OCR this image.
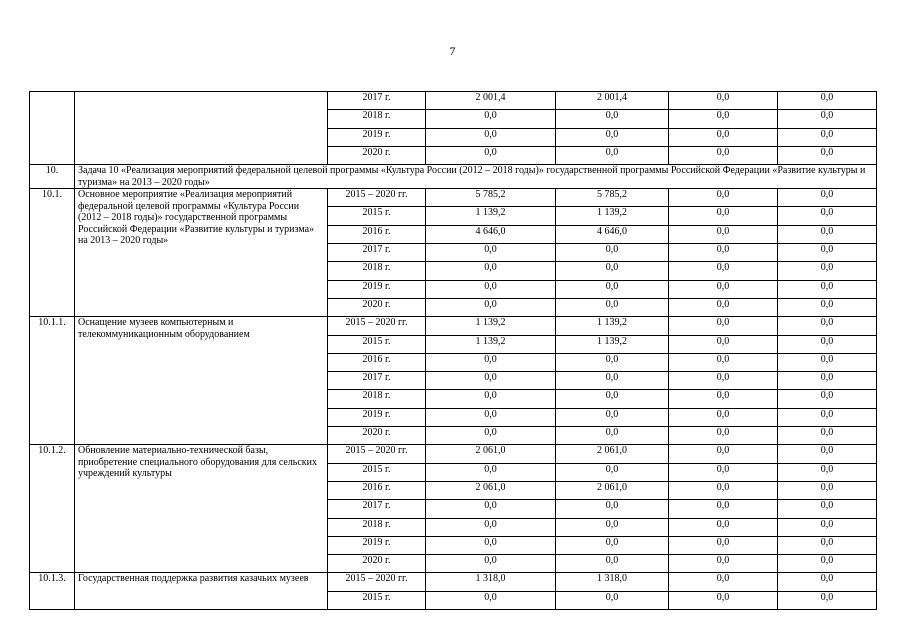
7
		2017 г.	2 001,4	2 001,4	0,0	0,0
		2018 г.	0,0	0,0	0,0	0,0
		2019 г.	0,0	0,0	0,0	0,0
		2020 г.	0,0	0,0	0,0	0,0
10.	Задача 10 «Реализация мероприятий федеральной целевой программы «Культура России (2012 – 2018 годы)» государственной программы Российской Федерации «Развитие культуры и туризма» на 2013 – 2020 годы»					
10.1.	Основное мероприятие «Реализация мероприятий федеральной целевой программы «Культура России (2012 – 2018 годы)» государственной программы Российской Федерации «Развитие культуры и туризма» на 2013 – 2020 годы»	2015 – 2020 гг.	5 785,2	5 785,2	0,0	0,0
		2015 г.	1 139,2	1 139,2	0,0	0,0
		2016 г.	4 646,0	4 646,0	0,0	0,0
		2017 г.	0,0	0,0	0,0	0,0
		2018 г.	0,0	0,0	0,0	0,0
		2019 г.	0,0	0,0	0,0	0,0
		2020 г.	0,0	0,0	0,0	0,0
10.1.1.	Оснащение музеев компьютерным и телекоммуникационным оборудованием	2015 – 2020 гг.	1 139,2	1 139,2	0,0	0,0
		2015 г.	1 139,2	1 139,2	0,0	0,0
		2016 г.	0,0	0,0	0,0	0,0
		2017 г.	0,0	0,0	0,0	0,0
		2018 г.	0,0	0,0	0,0	0,0
		2019 г.	0,0	0,0	0,0	0,0
		2020 г.	0,0	0,0	0,0	0,0
10.1.2.	Обновление материально-технической базы, приобретение специального оборудования для сельских учреждений культуры	2015 – 2020 гг.	2 061,0	2 061,0	0,0	0,0
		2015 г.	0,0	0,0	0,0	0,0
		2016 г.	2 061,0	2 061,0	0,0	0,0
		2017 г.	0,0	0,0	0,0	0,0
		2018 г.	0,0	0,0	0,0	0,0
		2019 г.	0,0	0,0	0,0	0,0
		2020 г.	0,0	0,0	0,0	0,0
10.1.3.	Государственная поддержка развития казачьих музеев	2015 – 2020 гг.	1 318,0	1 318,0	0,0	0,0
		2015 г.	0,0	0,0	0,0	0,0
